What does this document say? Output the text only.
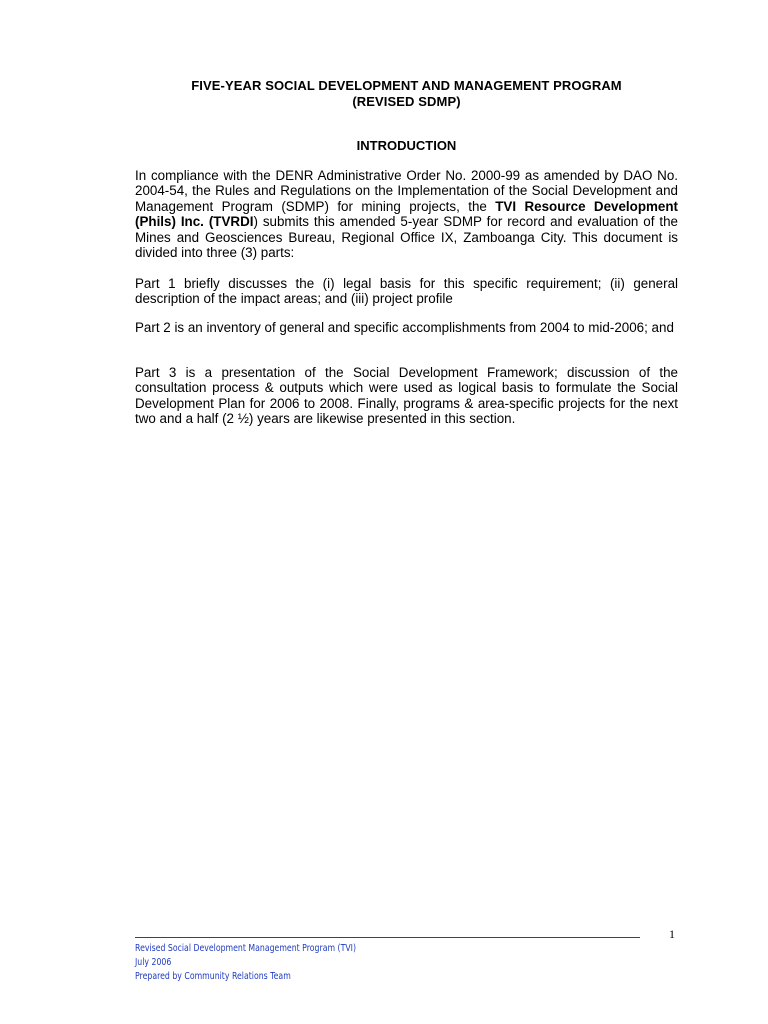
FIVE-YEAR SOCIAL DEVELOPMENT AND MANAGEMENT PROGRAM
(REVISED SDMP)
INTRODUCTION

In compliance with the DENR Administrative Order No. 2000-99 as amended by DAO No. 2004-54, the Rules and Regulations on the Implementation of the Social Development and Management Program (SDMP) for mining projects, the TVI Resource Development (Phils) Inc. (TVRDI) submits this amended 5-year SDMP for record and evaluation of the Mines and Geosciences Bureau, Regional Office IX, Zamboanga City. This document is divided into three (3) parts:

Part 1 briefly discusses the (i) legal basis for this specific requirement; (ii) general description of the impact areas; and (iii) project profile

Part 2 is an inventory of general and specific accomplishments from 2004 to mid-2006; and

Part 3 is a presentation of the Social Development Framework; discussion of the consultation process & outputs which were used as logical basis to formulate the Social Development Plan for 2006 to 2008. Finally, programs & area-specific projects for the next two and a half (2 ½) years are likewise presented in this section.

1
Revised Social Development Management Program (TVI)
July 2006
Prepared by Community Relations Team
